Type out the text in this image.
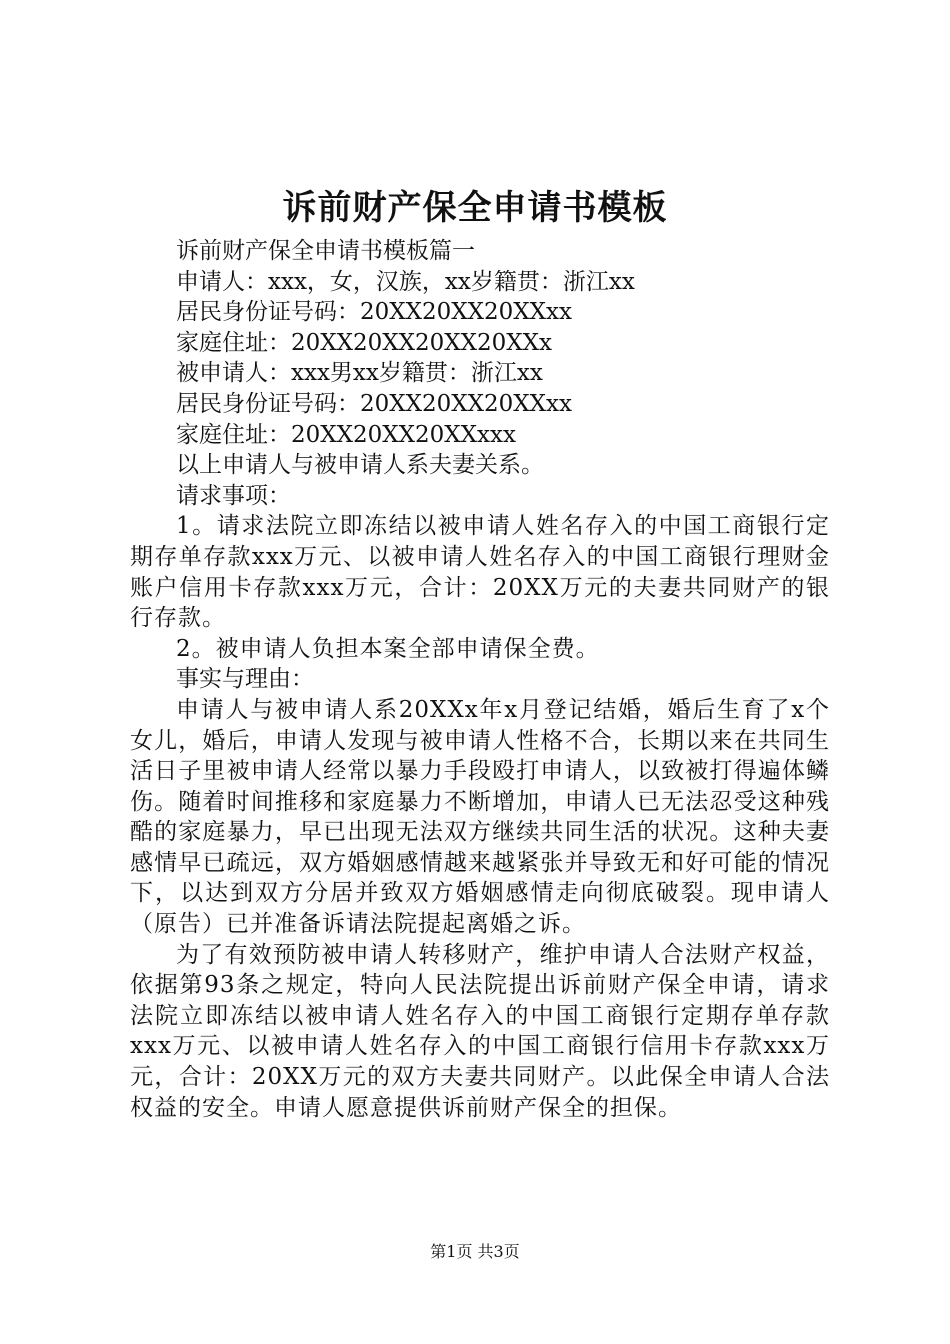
诉前财产保全申请书模板
诉前财产保全申请书模板篇一
申请人：xxx，女，汉族，xx岁籍贯：浙江xx
居民身份证号码：20XX20XX20XXxx
家庭住址：20XX20XX20XX20XXx
被申请人：xxx男xx岁籍贯：浙江xx
居民身份证号码：20XX20XX20XXxx
家庭住址：20XX20XX20XXxxx
以上申请人与被申请人系夫妻关系。
请求事项：
1。请求法院立即冻结以被申请人姓名存入的中国工商银行定期存单存款xxx万元、以被申请人姓名存入的中国工商银行理财金账户信用卡存款xxx万元，合计：20XX万元的夫妻共同财产的银行存款。
2。被申请人负担本案全部申请保全费。
事实与理由：
申请人与被申请人系20XXx年x月登记结婚，婚后生育了x个女儿，婚后，申请人发现与被申请人性格不合，长期以来在共同生活日子里被申请人经常以暴力手段殴打申请人，以致被打得遍体鳞伤。随着时间推移和家庭暴力不断增加，申请人已无法忍受这种残酷的家庭暴力，早已出现无法双方继续共同生活的状况。这种夫妻感情早已疏远，双方婚姻感情越来越紧张并导致无和好可能的情况下，以达到双方分居并致双方婚姻感情走向彻底破裂。现申请人（原告）已并准备诉请法院提起离婚之诉。
为了有效预防被申请人转移财产，维护申请人合法财产权益，依据第93条之规定，特向人民法院提出诉前财产保全申请，请求法院立即冻结以被申请人姓名存入的中国工商银行定期存单存款xxx万元、以被申请人姓名存入的中国工商银行信用卡存款xxx万元，合计：20XX万元的双方夫妻共同财产。以此保全申请人合法权益的安全。申请人愿意提供诉前财产保全的担保。
第1页 共3页
